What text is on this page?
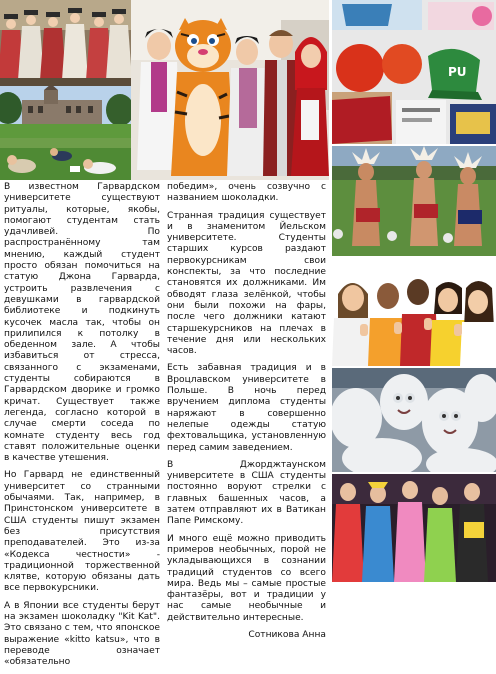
PU

В известном Гарвардском университете существуют ритуалы, которые, якобы, помогают студентам стать удачливей. По распространённому там мнению, каждый студент просто обязан помочиться на статую Джона Гарварда, устроить развлечения с девушками в гарвардской библиотеке и подкинуть кусочек масла так, чтобы он прилипился к потолку в обеденном зале. А чтобы избавиться от стресса, связанного с экзаменами, студенты собираются в Гарвардском дворике и громко кричат. Существует также легенда, согласно которой в случае смерти соседа по комнате студенту весь год ставят положительные оценки в качестве утешения.

Но Гарвард не единственный университет со странными обычаями. Так, например, в Принстонском университете в США студенты пишут экзамен без присутствия преподавателей. Это из-за «Кодекса честности» - традиционной торжественной клятве, которую обязаны дать все первокурсники.

А в Японии все студенты берут на экзамен шоколадку "Kit Kat". Это связано с тем, что японское выражение «kitto katsu», что в переводе означает «обязательно

победим», очень созвучно с названием шоколадки.

Странная традиция существует и в знаменитом Йельском университете. Студенты старших курсов раздают первокурсникам свои конспекты, за что последние становятся их должниками. Им обводят глаза зелёнкой, чтобы они были похожи на фары, после чего должники катают старшекурсников на плечах в течение дня или нескольких часов.

Есть забавная традиция и в Вроцлавском университете в Польше. В ночь перед вручением диплома студенты наряжают в совершенно нелепые одежды статую фехтовальщика, установленную перед самим заведением.

В Джорджтаунском университете в США студенты постоянно воруют стрелки с главных башенных часов, а затем отправляют их в Ватикан Папе Римскому.

И много ещё можно приводить примеров необычных, порой не укладывающихся в сознании традиций студентов со всего мира. Ведь мы – самые простые фантазёры, вот и традиции у нас самые необычные и действительно интересные.

Сотникова Анна
